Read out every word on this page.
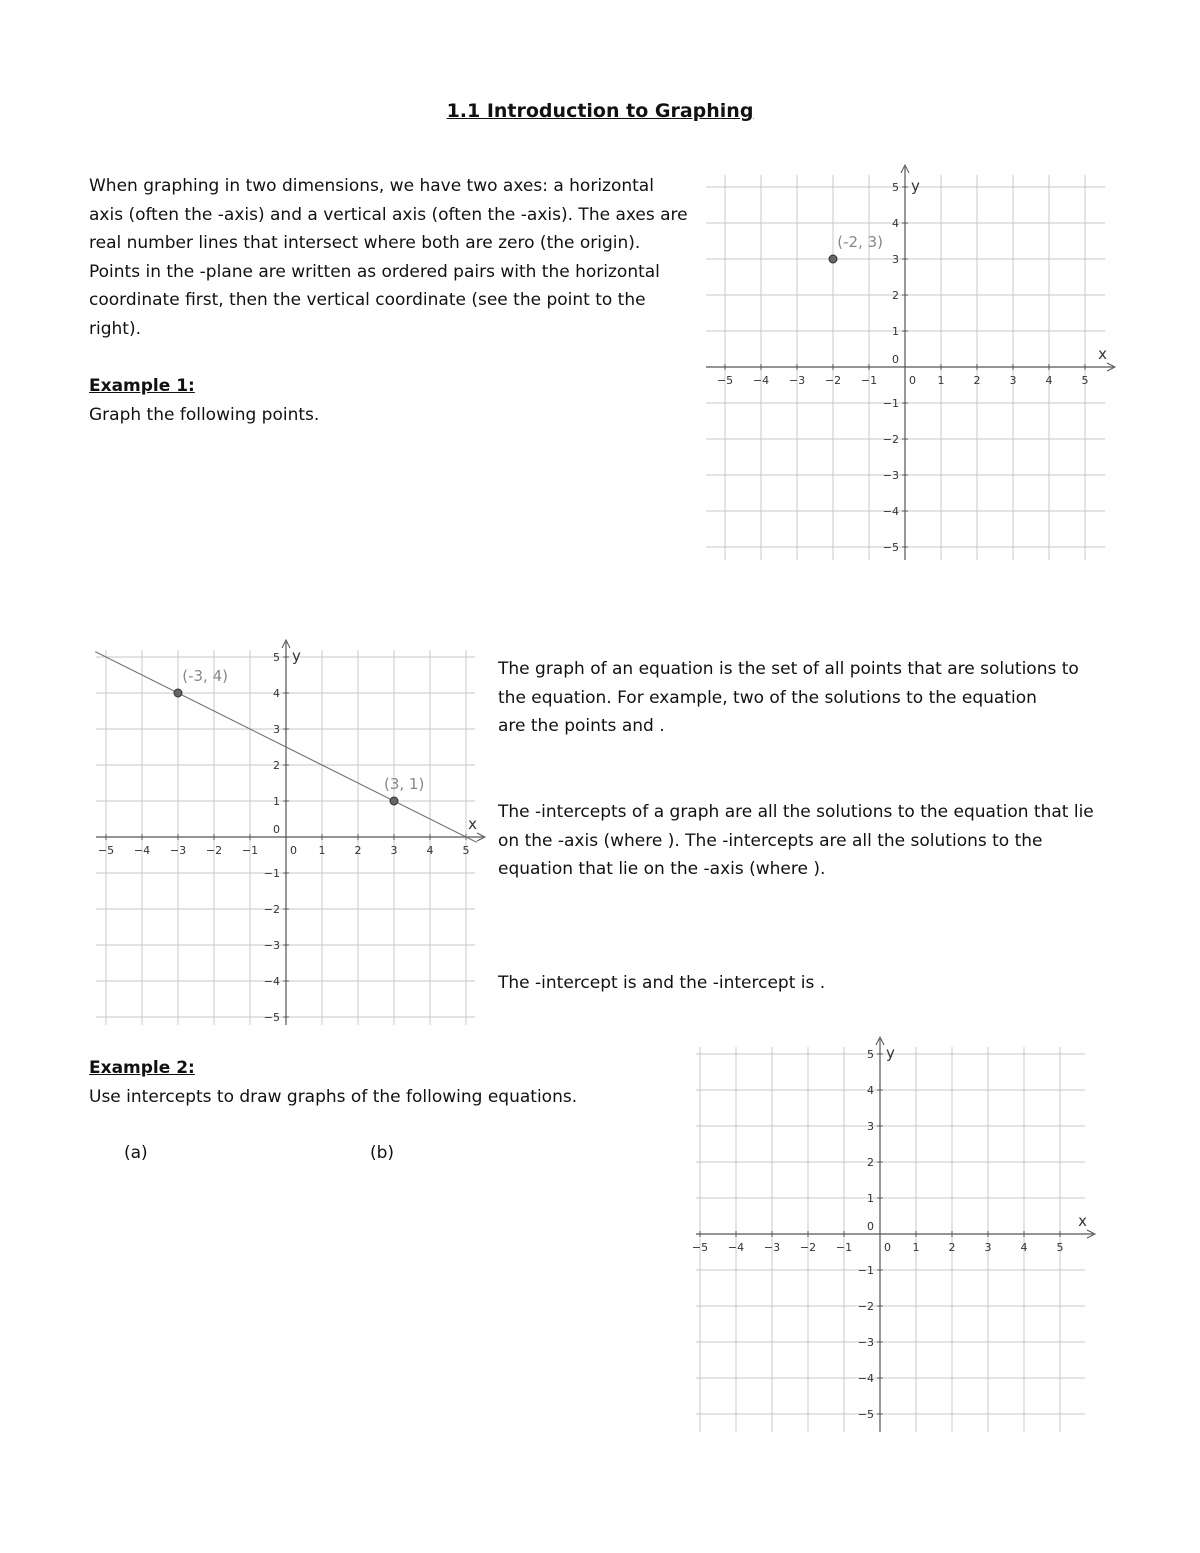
1.1 Introduction to Graphing
When graphing in two dimensions, we have two axes: a horizontal
axis (often the -axis) and a vertical axis (often the -axis). The axes are
real number lines that intersect where both are zero (the origin).
Points in the -plane are written as ordered pairs with the horizontal
coordinate first, then the vertical coordinate (see the point to the
right).
Example 1:
Graph the following points.
−5 −4 −3 −2 −1	0 1	2	3	4	5
−5
−4
−3
−2
−1
0
1
2
3
4
5
x
y
(-2, 3)
−5 −4 −3 −2 −1	0 1	2	3	4	5
−5
−4
−3
−2
−1
0
1
2
3
4
5
x
y
(-3, 4)
(3, 1)
The graph of an equation is the set of all points that are solutions to
the equation. For example, two of the solutions to the equation
are the points and .
The -intercepts of a graph are all the solutions to the equation that lie
on the -axis (where ). The -intercepts are all the solutions to the
equation that lie on the -axis (where ).
The -intercept is and the -intercept is .
Example 2:
Use intercepts to draw graphs of the following equations.
(a)	(b)
−5 −4 −3 −2 −1	0 1	2	3	4	5
−5
−4
−3
−2
−1
0
1
2
3
4
5
x
y
